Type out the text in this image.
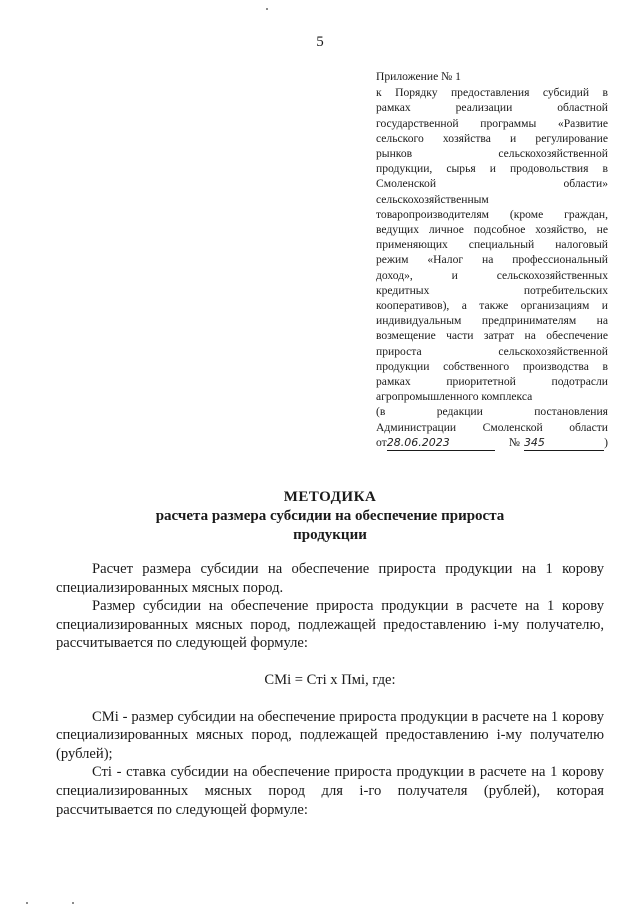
5

Приложение № 1

к Порядку предоставления субсидий в

рамках реализации областной

государственной программы «Развитие

сельского хозяйства и регулирование

рынков сельскохозяйственной

продукции, сырья и продовольствия в

Смоленской области»

сельскохозяйственным

товаропроизводителям (кроме граждан,

ведущих личное подсобное хозяйство, не

применяющих специальный налоговый

режим «Налог на профессиональный

доход», и сельскохозяйственных

кредитных потребительских

кооперативов), а также организациям и

индивидуальным предпринимателям на

возмещение части затрат на обеспечение

прироста сельскохозяйственной

продукции собственного производства в

рамках приоритетной подотрасли

агропромышленного комплекса

(в редакции постановления

Администрации Смоленской области

от 28.06.2023	№ 345	)
МЕТОДИКА
расчета размера субсидии на обеспечение прироста
продукции

Расчет размера субсидии на обеспечение прироста продукции на 1 корову специализированных мясных пород.

Размер субсидии на обеспечение прироста продукции в расчете на 1 корову специализированных мясных пород, подлежащей предоставлению i-му получателю, рассчитывается по следующей формуле:

СМi = Стi x Пмi, где:

СМi - размер субсидии на обеспечение прироста продукции в расчете на 1 корову специализированных мясных пород, подлежащей предоставлению i-му получателю (рублей);

Стi - ставка субсидии на обеспечение прироста продукции в расчете на 1 корову специализированных мясных пород для i-го получателя (рублей), которая рассчитывается по следующей формуле:
